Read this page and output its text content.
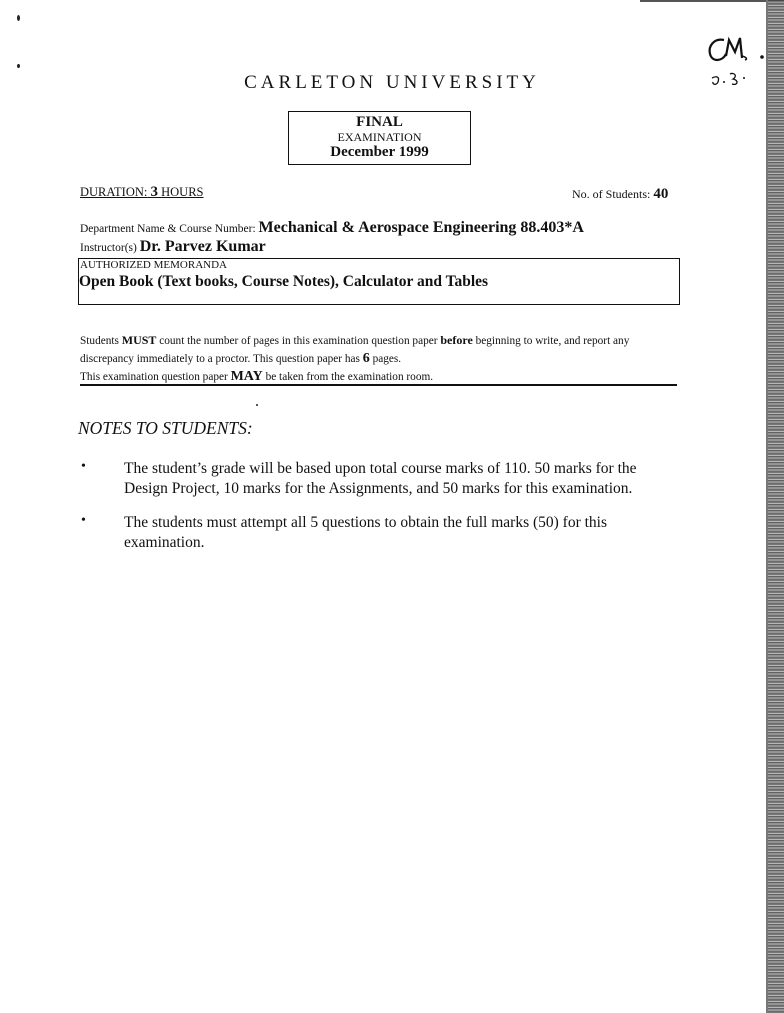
CARLETON UNIVERSITY
FINAL
EXAMINATION
December 1999
DURATION: 3 HOURS	No. of Students: 40
Department Name & Course Number: Mechanical & Aerospace Engineering 88.403*A
Instructor(s) Dr. Parvez Kumar
AUTHORIZED MEMORANDA
Open Book (Text books, Course Notes), Calculator and Tables
Students MUST count the number of pages in this examination question paper before beginning to write, and report any discrepancy immediately to a proctor. This question paper has 6 pages.
This examination question paper MAY be taken from the examination room.
NOTES TO STUDENTS:
• The student’s grade will be based upon total course marks of 110. 50 marks for the Design Project, 10 marks for the Assignments, and 50 marks for this examination.
• The students must attempt all 5 questions to obtain the full marks (50) for this examination.
